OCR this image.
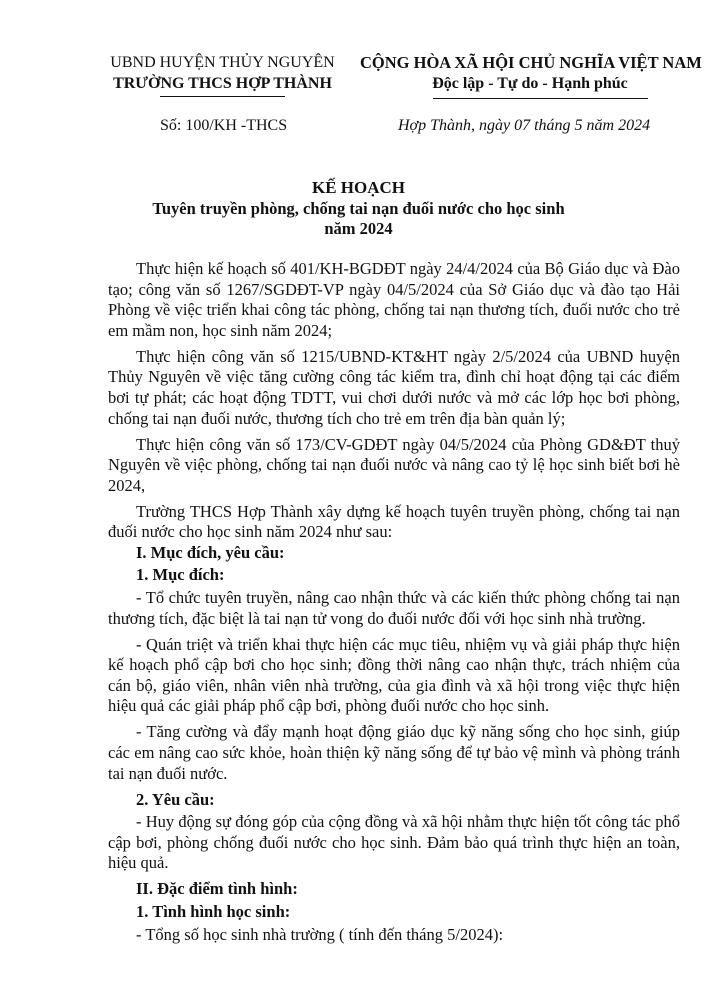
UBND HUYỆN THỦY NGUYÊN
TRƯỜNG THCS HỢP THÀNH
CỘNG HÒA XÃ HỘI CHỦ NGHĨA VIỆT NAM
Độc lập - Tự do - Hạnh phúc
Số: 100/KH -THCS	Hợp Thành, ngày 07 tháng 5 năm 2024
KẾ HOẠCH
Tuyên truyền phòng, chống tai nạn đuối nước cho học sinh
năm 2024

Thực hiện kế hoạch số 401/KH-BGDĐT ngày 24/4/2024 của Bộ Giáo dục và Đào tạo; công văn số 1267/SGDĐT-VP ngày 04/5/2024 của Sở Giáo dục và đào tạo Hải Phòng về việc triển khai công tác phòng, chống tai nạn thương tích, đuối nước cho trẻ em mầm non, học sinh năm 2024;

Thực hiện công văn số 1215/UBND-KT&HT ngày 2/5/2024 của UBND huyện Thủy Nguyên về việc tăng cường công tác kiểm tra, đình chỉ hoạt động tại các điểm bơi tự phát; các hoạt động TDTT, vui chơi dưới nước và mở các lớp học bơi phòng, chống tai nạn đuối nước, thương tích cho trẻ em trên địa bàn quản lý;

Thực hiện công văn số 173/CV-GDĐT ngày 04/5/2024 của Phòng GD&ĐT thuỷ Nguyên về việc phòng, chống tai nạn đuối nước và nâng cao tỷ lệ học sinh biết bơi hè 2024,

Trường THCS Hợp Thành xây dựng kế hoạch tuyên truyền phòng, chống tai nạn đuối nước cho học sinh năm 2024 như sau:

I. Mục đích, yêu cầu:

1. Mục đích:

- Tổ chức tuyên truyền, nâng cao nhận thức và các kiến thức phòng chống tai nạn thương tích, đặc biệt là tai nạn tử vong do đuối nước đối với học sinh nhà trường.

- Quán triệt và triển khai thực hiện các mục tiêu, nhiệm vụ và giải pháp thực hiện kế hoạch phổ cập bơi cho học sinh; đồng thời nâng cao nhận thực, trách nhiệm của cán bộ, giáo viên, nhân viên nhà trường, của gia đình và xã hội trong việc thực hiện hiệu quả các giải pháp phổ cập bơi, phòng đuối nước cho học sinh.

- Tăng cường và đẩy mạnh hoạt động giáo dục kỹ năng sống cho học sinh, giúp các em nâng cao sức khỏe, hoàn thiện kỹ năng sống để tự bảo vệ mình và phòng tránh tai nạn đuối nước.

2. Yêu cầu:

- Huy động sự đóng góp của cộng đồng và xã hội nhằm thực hiện tốt công tác phổ cập bơi, phòng chống đuối nước cho học sinh. Đảm bảo quá trình thực hiện an toàn, hiệu quả.

II. Đặc điểm tình hình:

1. Tình hình học sinh:

- Tổng số học sinh nhà trường ( tính đến tháng 5/2024):
